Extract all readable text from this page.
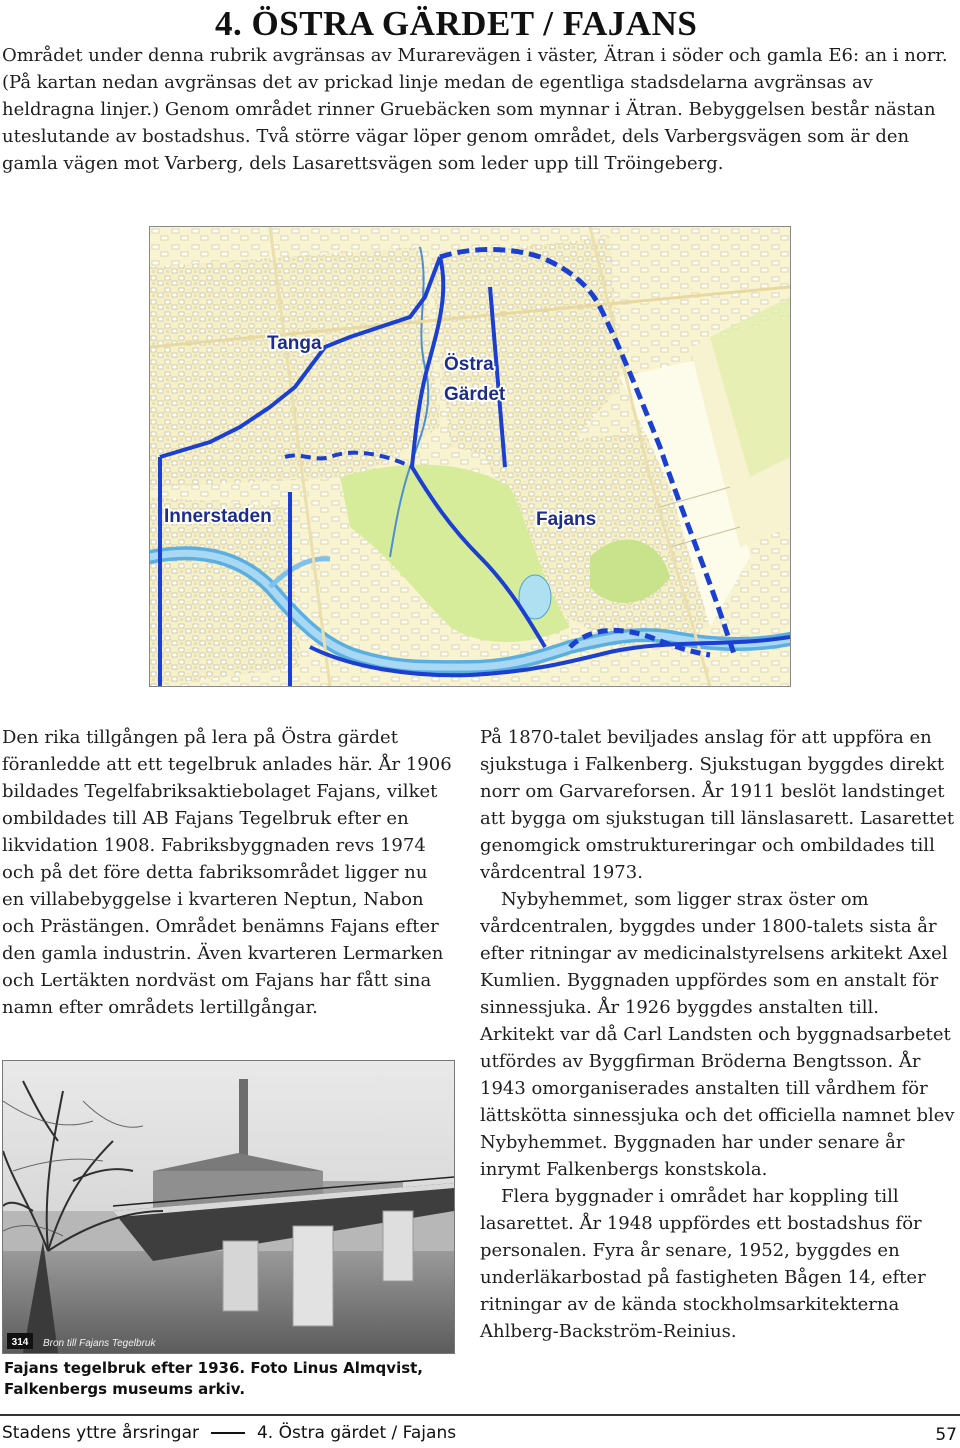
4. ÖSTRA GÄRDET / FAJANS

Området under denna rubrik avgränsas av Murarevägen i väster, Ätran i söder och gamla E6: an i norr. (På kartan nedan avgränsas det av prickad linje medan de egentliga stadsdelarna avgränsas av heldragna linjer.) Genom området rinner Gruebäcken som mynnar i Ätran. Bebyggelsen består nästan uteslutande av bostadshus. Två större vägar löper genom området, dels Varbergsvägen som är den gamla vägen mot Varberg, dels Lasarettsvägen som leder upp till Tröingeberg.

Tanga
Östra
Gärdet
Innerstaden	Fajans

Den rika tillgången på lera på Östra gärdet föranledde att ett tegelbruk anlades här. År 1906 bildades Tegelfabriksaktiebolaget Fajans, vilket ombildades till AB Fajans Tegelbruk efter en likvidation 1908. Fabriksbyggnaden revs 1974 och på det före detta fabriksområdet ligger nu en villabebyggelse i kvarteren Neptun, Nabon och Prästängen. Området benämns Fajans efter den gamla industrin. Även kvarteren Lermarken och Lertäkten nordväst om Fajans har fått sina namn efter områdets lertillgångar.

314 Bron till Fajans Tegelbruk

Fajans tegelbruk efter 1936. Foto Linus Almqvist, Falkenbergs museums arkiv.

På 1870-talet beviljades anslag för att uppföra en sjukstuga i Falkenberg. Sjukstugan byggdes direkt norr om Garvareforsen. År 1911 beslöt landstinget att bygga om sjukstugan till länslasarett. Lasarettet genomgick omstruktureringar och ombildades till vårdcentral 1973.

Nybyhemmet, som ligger strax öster om vårdcentralen, byggdes under 1800-talets sista år efter ritningar av medicinalstyrelsens arkitekt Axel Kumlien. Byggnaden uppfördes som en anstalt för sinnessjuka. År 1926 byggdes anstalten till. Arkitekt var då Carl Landsten och byggnadsarbetet utfördes av Byggfirman Bröderna Bengtsson. År 1943 omorganiserades anstalten till vårdhem för lättskötta sinnessjuka och det officiella namnet blev Nybyhemmet. Byggnaden har under senare år inrymt Falkenbergs konstskola.

Flera byggnader i området har koppling till lasarettet. År 1948 uppfördes ett bostadshus för personalen. Fyra år senare, 1952, byggdes en underläkarbostad på fastigheten Bågen 14, efter ritningar av de kända stockholmsarkitekterna Ahlberg-Backström-Reinius.

Stadens yttre årsringar	4. Östra gärdet / Fajans	57
